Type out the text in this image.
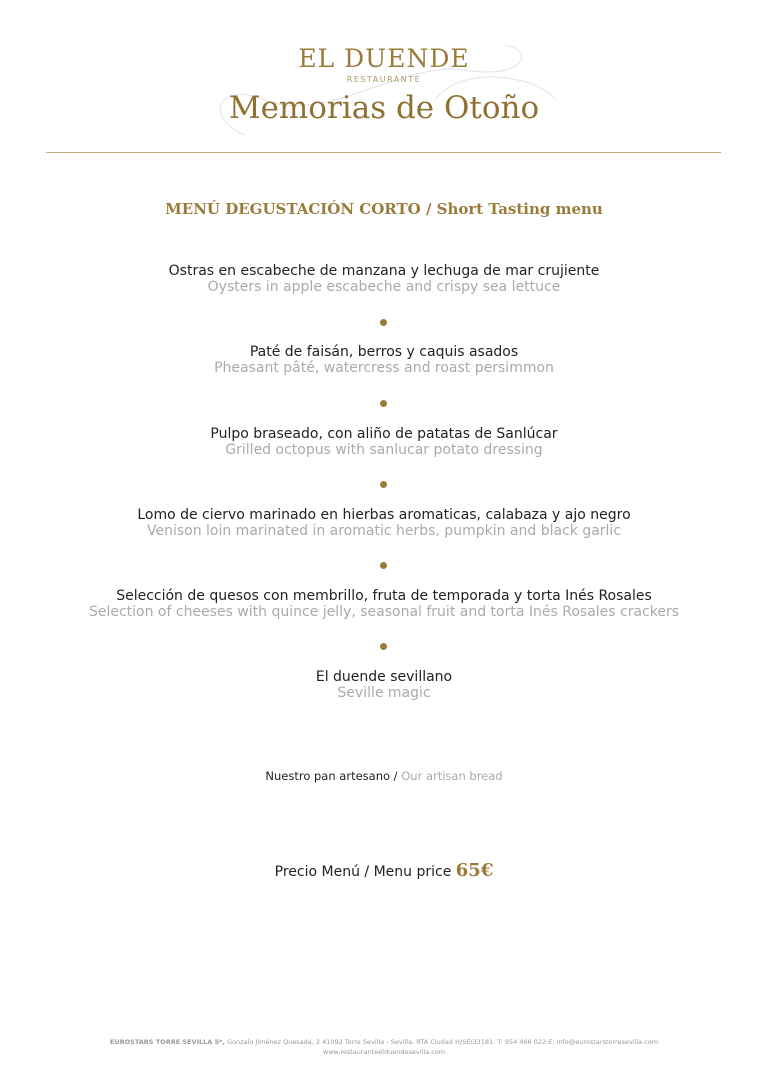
EL DUENDE
RESTAURANTE
Memorias de Otoño
MENÚ DEGUSTACIÓN CORTO / Short Tasting menu
Ostras en escabeche de manzana y lechuga de mar crujiente
Oysters in apple escabeche and crispy sea lettuce
Paté de faisán, berros y caquis asados
Pheasant pâté, watercress and roast persimmon
Pulpo braseado, con aliño de patatas de Sanlúcar
Grilled octopus with sanlucar potato dressing
Lomo de ciervo marinado en hierbas aromaticas, calabaza y ajo negro
Venison loin marinated in aromatic herbs, pumpkin and black garlic
Selección de quesos con membrillo, fruta de temporada y torta Inés Rosales
Selection of cheeses with quince jelly, seasonal fruit and torta Inés Rosales crackers
El duende sevillano
Seville magic
Nuestro pan artesano / Our artisan bread
Precio Menú / Menu price 65€
EUROSTARS TORRE SEVILLA 5*, Gonzalo Jiménez Quesada, 2 41092 Torre Sevilla - Sevilla. RTA Ciudad H/SE/33181. T: 954 466 022 E: info@eurostarstorresevilla.com
www.restauranteelduendesevilla.com
